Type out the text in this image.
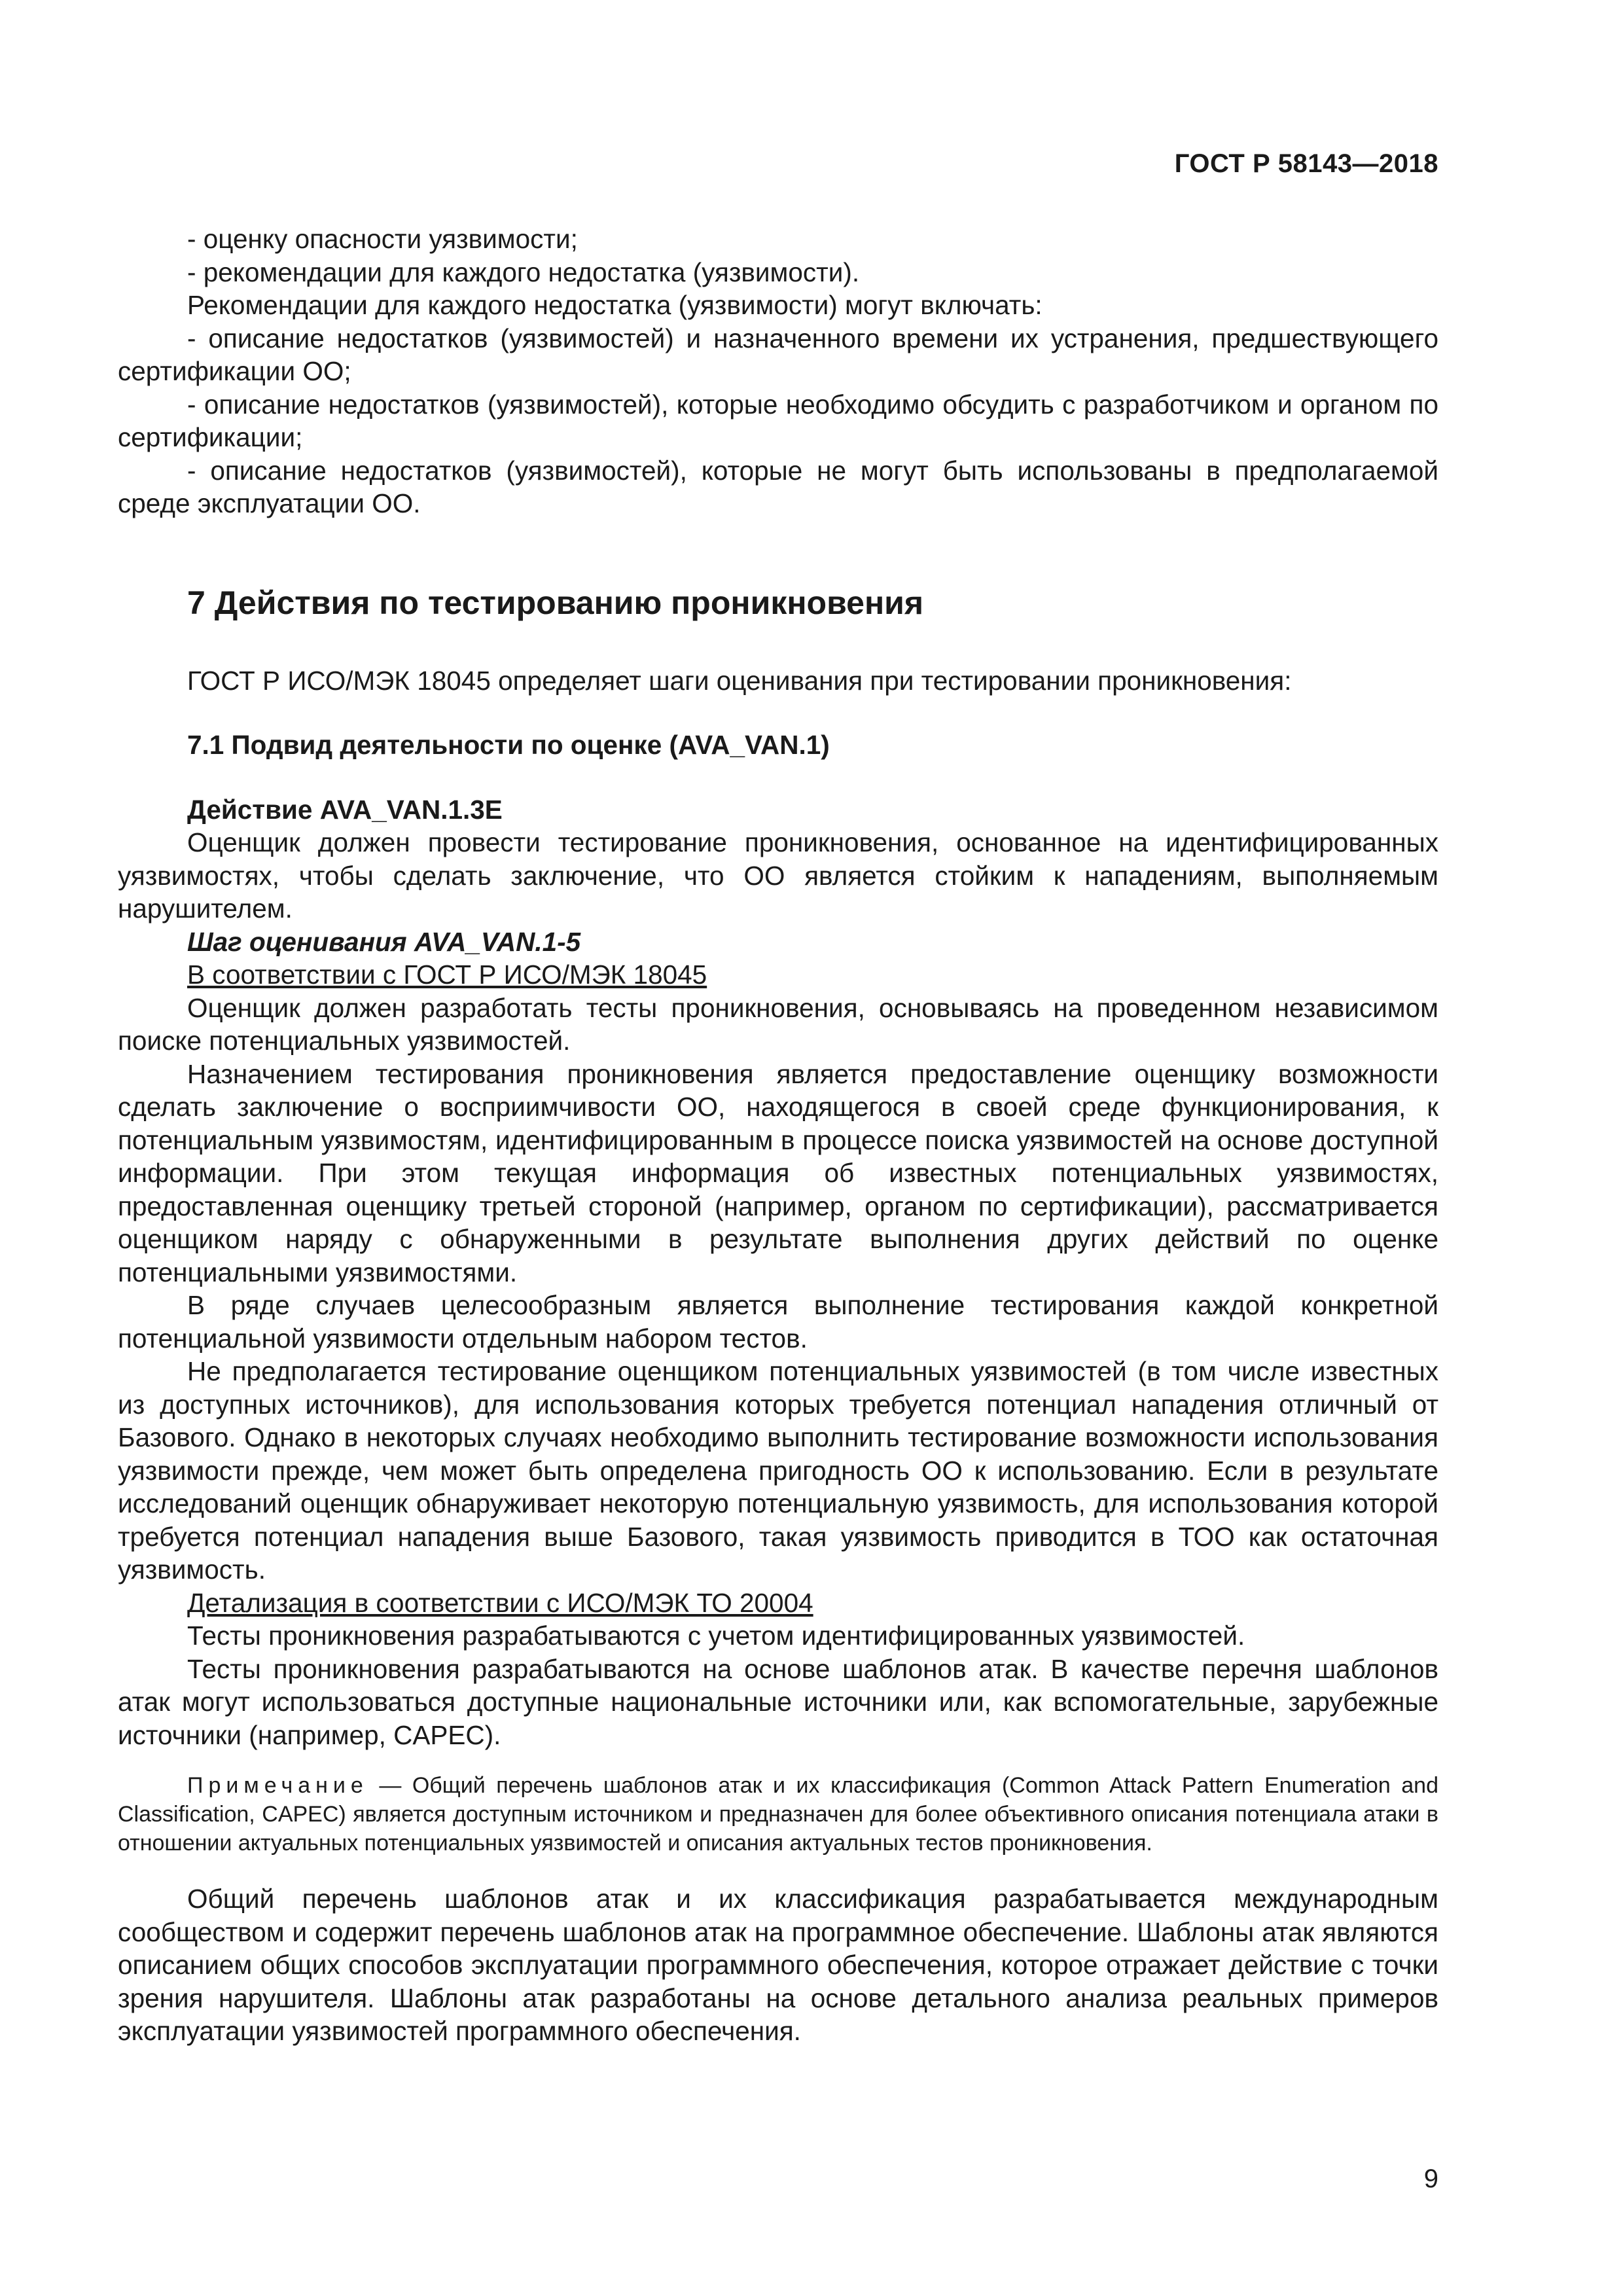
ГОСТ Р 58143—2018

- оценку опасности уязвимости;

- рекомендации для каждого недостатка (уязвимости).

Рекомендации для каждого недостатка (уязвимости) могут включать:

- описание недостатков (уязвимостей) и назначенного времени их устранения, предшествующего сертификации ОО;

- описание недостатков (уязвимостей), которые необходимо обсудить с разработчиком и органом по сертификации;

- описание недостатков (уязвимостей), которые не могут быть использованы в предполагаемой среде эксплуатации ОО.

7 Действия по тестированию проникновения

ГОСТ Р ИСО/МЭК 18045 определяет шаги оценивания при тестировании проникновения:

7.1 Подвид деятельности по оценке (AVA_VAN.1)

Действие AVA_VAN.1.3E

Оценщик должен провести тестирование проникновения, основанное на идентифицированных уязвимостях, чтобы сделать заключение, что ОО является стойким к нападениям, выполняемым нарушителем.

Шаг оценивания AVA_VAN.1-5

В соответствии с ГОСТ Р ИСО/МЭК 18045

Оценщик должен разработать тесты проникновения, основываясь на проведенном независимом поиске потенциальных уязвимостей.

Назначением тестирования проникновения является предоставление оценщику возможности сделать заключение о восприимчивости ОО, находящегося в своей среде функционирования, к потенциальным уязвимостям, идентифицированным в процессе поиска уязвимостей на основе доступной информации. При этом текущая информация об известных потенциальных уязвимостях, предоставленная оценщику третьей стороной (например, органом по сертификации), рассматривается оценщиком наряду с обнаруженными в результате выполнения других действий по оценке потенциальными уязвимостями.

В ряде случаев целесообразным является выполнение тестирования каждой конкретной потенциальной уязвимости отдельным набором тестов.

Не предполагается тестирование оценщиком потенциальных уязвимостей (в том числе известных из доступных источников), для использования которых требуется потенциал нападения отличный от Базового. Однако в некоторых случаях необходимо выполнить тестирование возможности использования уязвимости прежде, чем может быть определена пригодность ОО к использованию. Если в результате исследований оценщик обнаруживает некоторую потенциальную уязвимость, для использования которой требуется потенциал нападения выше Базового, такая уязвимость приводится в ТОО как остаточная уязвимость.

Детализация в соответствии с ИСО/МЭК ТО 20004

Тесты проникновения разрабатываются с учетом идентифицированных уязвимостей.

Тесты проникновения разрабатываются на основе шаблонов атак. В качестве перечня шаблонов атак могут использоваться доступные национальные источники или, как вспомогательные, зарубежные источники (например, CAPEC).

Примечание — Общий перечень шаблонов атак и их классификация (Common Attack Pattern Enumeration and Classification, CAPEC) является доступным источником и предназначен для более объективного описания потенциала атаки в отношении актуальных потенциальных уязвимостей и описания актуальных тестов проникновения.

Общий перечень шаблонов атак и их классификация разрабатывается международным сообществом и содержит перечень шаблонов атак на программное обеспечение. Шаблоны атак являются описанием общих способов эксплуатации программного обеспечения, которое отражает действие с точки зрения нарушителя. Шаблоны атак разработаны на основе детального анализа реальных примеров эксплуатации уязвимостей программного обеспечения.

9
